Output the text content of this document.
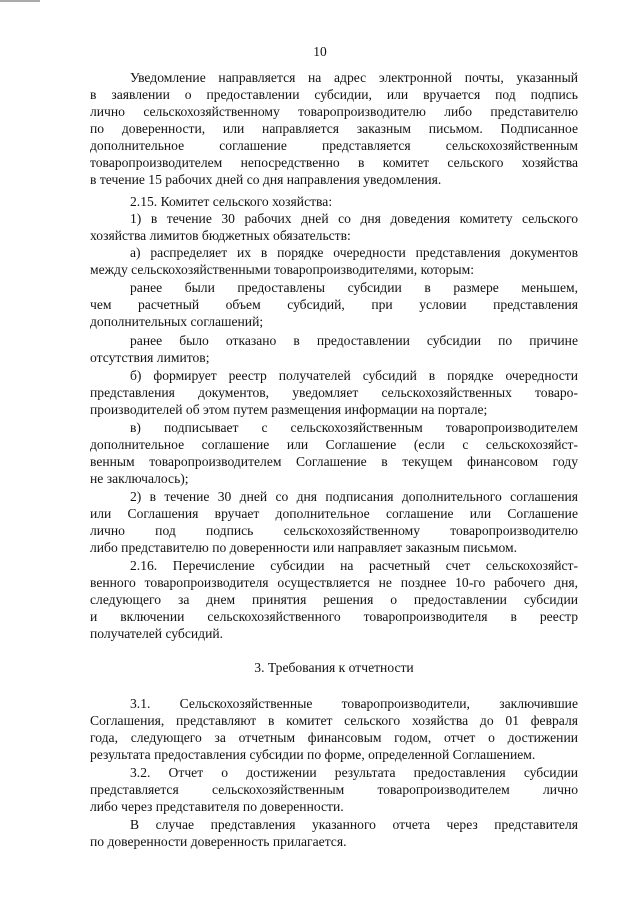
10
Уведомление направляется на адрес электронной почты, указанный
в заявлении о предоставлении субсидии, или вручается под подпись
лично сельскохозяйственному товаропроизводителю либо представителю
по доверенности, или направляется заказным письмом. Подписанное
дополнительное соглашение представляется сельскохозяйственным
товаропроизводителем непосредственно в комитет сельского хозяйства
в течение 15 рабочих дней со дня направления уведомления.
2.15. Комитет сельского хозяйства:
1) в течение 30 рабочих дней со дня доведения комитету сельского
хозяйства лимитов бюджетных обязательств:
а) распределяет их в порядке очередности представления документов
между сельскохозяйственными товаропроизводителями, которым:
ранее были предоставлены субсидии в размере меньшем,
чем расчетный объем субсидий, при условии представления
дополнительных соглашений;
ранее было отказано в предоставлении субсидии по причине
отсутствия лимитов;
б) формирует реестр получателей субсидий в порядке очередности
представления документов, уведомляет сельскохозяйственных товаро-
производителей об этом путем размещения информации на портале;
в) подписывает с сельскохозяйственным товаропроизводителем
дополнительное соглашение или Соглашение (если с сельскохозяйст-
венным товаропроизводителем Соглашение в текущем финансовом году
не заключалось);
2) в течение 30 дней со дня подписания дополнительного соглашения
или Соглашения вручает дополнительное соглашение или Соглашение
лично под подпись сельскохозяйственному товаропроизводителю
либо представителю по доверенности или направляет заказным письмом.
2.16. Перечисление субсидии на расчетный счет сельскохозяйст-
венного товаропроизводителя осуществляется не позднее 10-го рабочего дня,
следующего за днем принятия решения о предоставлении субсидии
и включении сельскохозяйственного товаропроизводителя в реестр
получателей субсидий.
3. Требования к отчетности
3.1. Сельскохозяйственные товаропроизводители, заключившие
Соглашения, представляют в комитет сельского хозяйства до 01 февраля
года, следующего за отчетным финансовым годом, отчет о достижении
результата предоставления субсидии по форме, определенной Соглашением.
3.2. Отчет о достижении результата предоставления субсидии
представляется сельскохозяйственным товаропроизводителем лично
либо через представителя по доверенности.
В случае представления указанного отчета через представителя
по доверенности доверенность прилагается.
